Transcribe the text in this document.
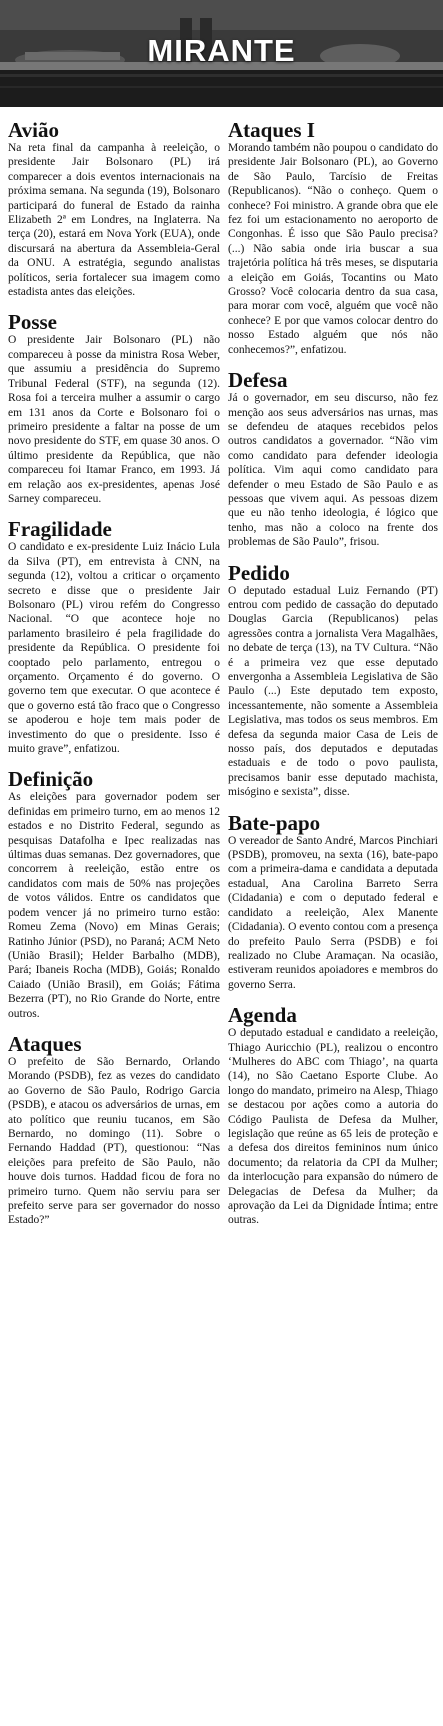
MIRANTE
Avião

Na reta final da campanha à reeleição, o presidente Jair Bolsonaro (PL) irá comparecer a dois eventos internacionais na próxima semana. Na segunda (19), Bolsonaro participará do funeral de Estado da rainha Elizabeth 2ª em Londres, na Inglaterra. Na terça (20), estará em Nova York (EUA), onde discursará na abertura da Assembleia-Geral da ONU. A estratégia, segundo analistas políticos, seria fortalecer sua imagem como estadista antes das eleições.

Posse

O presidente Jair Bolsonaro (PL) não compareceu à posse da ministra Rosa Weber, que assumiu a presidência do Supremo Tribunal Federal (STF), na segunda (12). Rosa foi a terceira mulher a assumir o cargo em 131 anos da Corte e Bolsonaro foi o primeiro presidente a faltar na posse de um novo presidente do STF, em quase 30 anos. O último presidente da República, que não compareceu foi Itamar Franco, em 1993. Já em relação aos ex-presidentes, apenas José Sarney compareceu.

Fragilidade

O candidato e ex-presidente Luiz Inácio Lula da Silva (PT), em entrevista à CNN, na segunda (12), voltou a criticar o orçamento secreto e disse que o presidente Jair Bolsonaro (PL) virou refém do Congresso Nacional. “O que acontece hoje no parlamento brasileiro é pela fragilidade do presidente da República. O presidente foi cooptado pelo parlamento, entregou o orçamento. Orçamento é do governo. O governo tem que executar. O que acontece é que o governo está tão fraco que o Congresso se apoderou e hoje tem mais poder de investimento do que o presidente. Isso é muito grave”, enfatizou.

Definição

As eleições para governador podem ser definidas em primeiro turno, em ao menos 12 estados e no Distrito Federal, segundo as pesquisas Datafolha e Ipec realizadas nas últimas duas semanas. Dez governadores, que concorrem à reeleição, estão entre os candidatos com mais de 50% nas projeções de votos válidos. Entre os candidatos que podem vencer já no primeiro turno estão: Romeu Zema (Novo) em Minas Gerais; Ratinho Júnior (PSD), no Paraná; ACM Neto (União Brasil); Helder Barbalho (MDB), Pará; Ibaneis Rocha (MDB), Goiás; Ronaldo Caiado (União Brasil), em Goiás; Fátima Bezerra (PT), no Rio Grande do Norte, entre outros.

Ataques

O prefeito de São Bernardo, Orlando Morando (PSDB), fez as vezes do candidato ao Governo de São Paulo, Rodrigo Garcia (PSDB), e atacou os adversários de urnas, em ato político que reuniu tucanos, em São Bernardo, no domingo (11). Sobre o Fernando Haddad (PT), questionou: “Nas eleições para prefeito de São Paulo, não houve dois turnos. Haddad ficou de fora no primeiro turno. Quem não serviu para ser prefeito serve para ser governador do nosso Estado?”

Ataques I

Morando também não poupou o candidato do presidente Jair Bolsonaro (PL), ao Governo de São Paulo, Tarcísio de Freitas (Republicanos). “Não o conheço. Quem o conhece? Foi ministro. A grande obra que ele fez foi um estacionamento no aeroporto de Congonhas. É isso que São Paulo precisa? (...) Não sabia onde iria buscar a sua trajetória política há três meses, se disputaria a eleição em Goiás, Tocantins ou Mato Grosso? Você colocaria dentro da sua casa, para morar com você, alguém que você não conhece? E por que vamos colocar dentro do nosso Estado alguém que nós não conhecemos?”, enfatizou.

Defesa

Já o governador, em seu discurso, não fez menção aos seus adversários nas urnas, mas se defendeu de ataques recebidos pelos outros candidatos a governador. “Não vim como candidato para defender ideologia política. Vim aqui como candidato para defender o meu Estado de São Paulo e as pessoas que vivem aqui. As pessoas dizem que eu não tenho ideologia, é lógico que tenho, mas não a coloco na frente dos problemas de São Paulo”, frisou.

Pedido

O deputado estadual Luiz Fernando (PT) entrou com pedido de cassação do deputado Douglas Garcia (Republicanos) pelas agressões contra a jornalista Vera Magalhães, no debate de terça (13), na TV Cultura. “Não é a primeira vez que esse deputado envergonha a Assembleia Legislativa de São Paulo (...) Este deputado tem exposto, incessantemente, não somente a Assembleia Legislativa, mas todos os seus membros. Em defesa da segunda maior Casa de Leis de nosso país, dos deputados e deputadas estaduais e de todo o povo paulista, precisamos banir esse deputado machista, misógino e sexista”, disse.

Bate-papo

O vereador de Santo André, Marcos Pinchiari (PSDB), promoveu, na sexta (16), bate-papo com a primeira-dama e candidata a deputada estadual, Ana Carolina Barreto Serra (Cidadania) e com o deputado federal e candidato a reeleição, Alex Manente (Cidadania). O evento contou com a presença do prefeito Paulo Serra (PSDB) e foi realizado no Clube Aramaçan. Na ocasião, estiveram reunidos apoiadores e membros do governo Serra.

Agenda

O deputado estadual e candidato a reeleição, Thiago Auricchio (PL), realizou o encontro ‘Mulheres do ABC com Thiago’, na quarta (14), no São Caetano Esporte Clube. Ao longo do mandato, primeiro na Alesp, Thiago se destacou por ações como a autoria do Código Paulista de Defesa da Mulher, legislação que reúne as 65 leis de proteção e a defesa dos direitos femininos num único documento; da relatoria da CPI da Mulher; da interlocução para expansão do número de Delegacias de Defesa da Mulher; da aprovação da Lei da Dignidade Íntima; entre outras.
